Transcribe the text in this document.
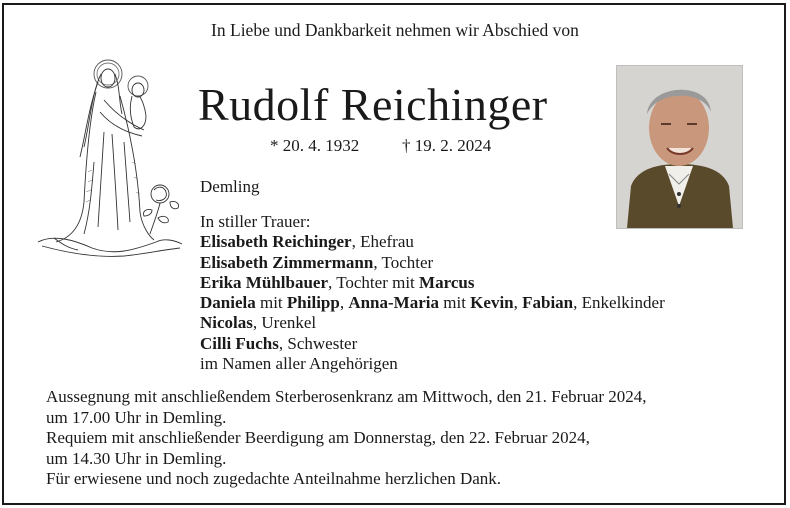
In Liebe und Dankbarkeit nehmen wir Abschied von
Rudolf Reichinger
* 20. 4. 1932	† 19. 2. 2024
Demling
In stiller Trauer:
Elisabeth Reichinger, Ehefrau
Elisabeth Zimmermann, Tochter
Erika Mühlbauer, Tochter mit Marcus
Daniela mit Philipp, Anna-Maria mit Kevin, Fabian, Enkelkinder
Nicolas, Urenkel
Cilli Fuchs, Schwester
im Namen aller Angehörigen
Aussegnung mit anschließendem Sterberosenkranz am Mittwoch, den 21. Februar 2024,
um 17.00 Uhr in Demling.
Requiem mit anschließender Beerdigung am Donnerstag, den 22. Februar 2024,
um 14.30 Uhr in Demling.
Für erwiesene und noch zugedachte Anteilnahme herzlichen Dank.
